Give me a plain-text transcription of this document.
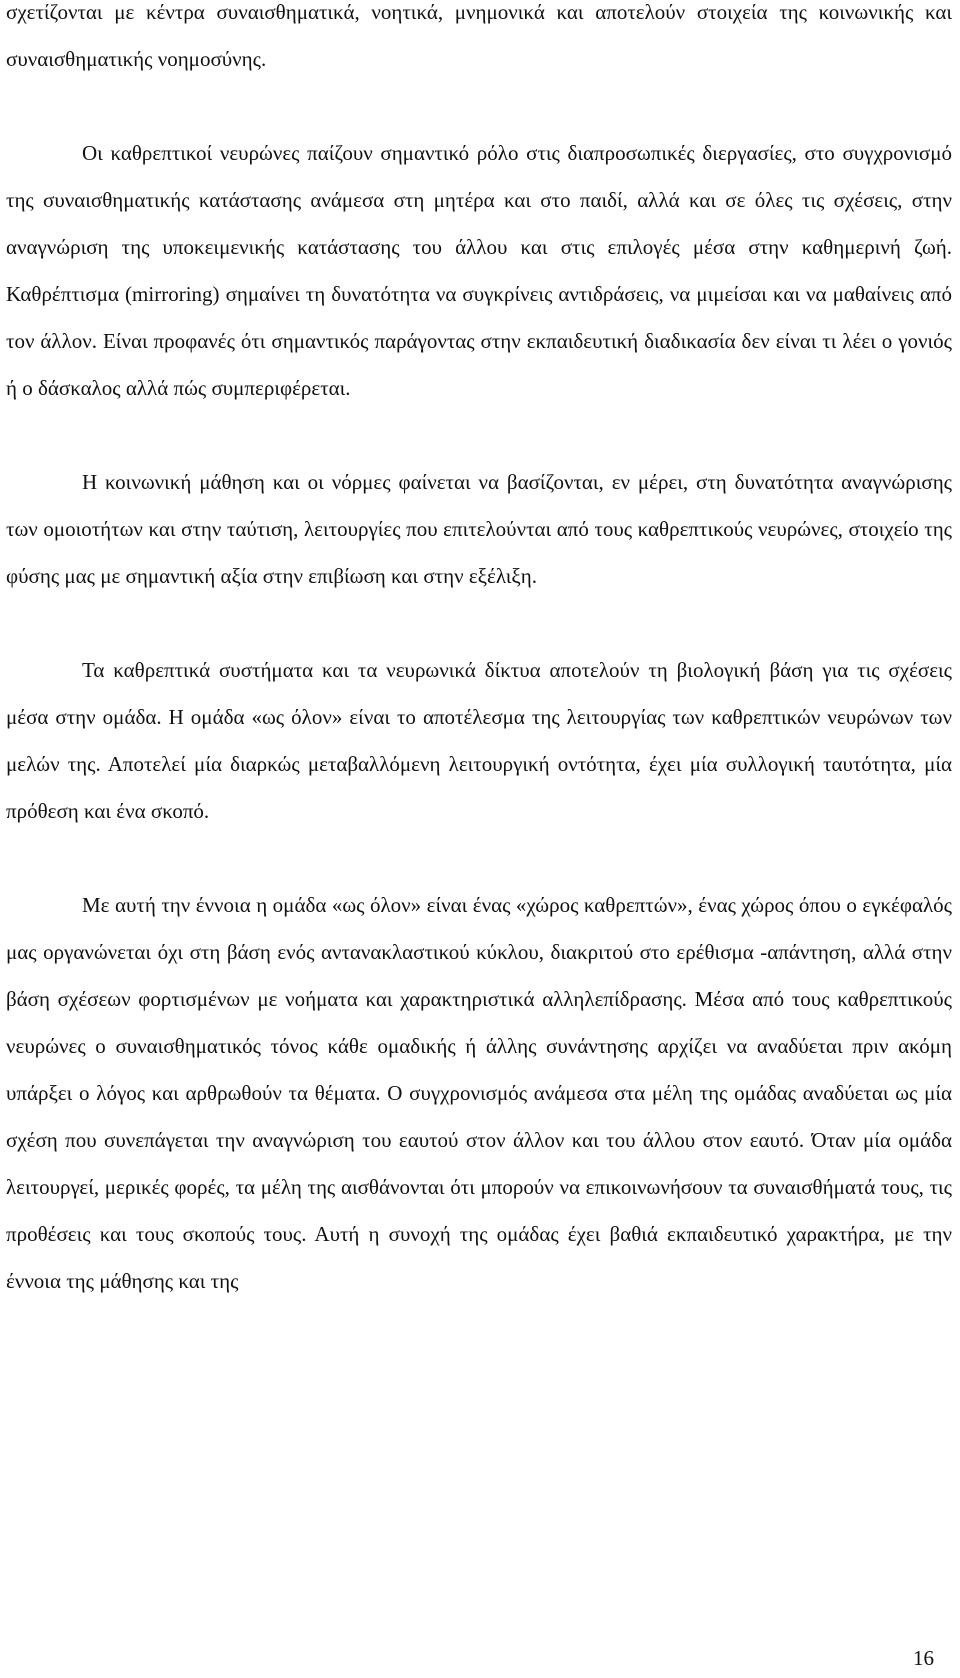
σχετίζονται με κέντρα συναισθηματικά, νοητικά, μνημονικά και αποτελούν στοιχεία της κοινωνικής και συναισθηματικής νοημοσύνης.

Οι καθρεπτικοί νευρώνες παίζουν σημαντικό ρόλο στις διαπροσωπικές διεργασίες, στο συγχρονισμό της συναισθηματικής κατάστασης ανάμεσα στη μητέρα και στο παιδί, αλλά και σε όλες τις σχέσεις, στην αναγνώριση της υποκειμενικής κατάστασης του άλλου και στις επιλογές μέσα στην καθημερινή ζωή. Καθρέπτισμα (mirroring) σημαίνει τη δυνατότητα να συγκρίνεις αντιδράσεις, να μιμείσαι και να μαθαίνεις από τον άλλον. Είναι προφανές ότι σημαντικός παράγοντας στην εκπαιδευτική διαδικασία δεν είναι τι λέει ο γονιός ή ο δάσκαλος αλλά πώς συμπεριφέρεται.

Η κοινωνική μάθηση και οι νόρμες φαίνεται να βασίζονται, εν μέρει, στη δυνατότητα αναγνώρισης των ομοιοτήτων και στην ταύτιση, λειτουργίες που επιτελούνται από τους καθρεπτικούς νευρώνες, στοιχείο της φύσης μας με σημαντική αξία στην επιβίωση και στην εξέλιξη.

Τα καθρεπτικά συστήματα και τα νευρωνικά δίκτυα αποτελούν τη βιολογική βάση για τις σχέσεις μέσα στην ομάδα. Η ομάδα «ως όλον» είναι το αποτέλεσμα της λειτουργίας των καθρεπτικών νευρώνων των μελών της. Αποτελεί μία διαρκώς μεταβαλλόμενη λειτουργική οντότητα, έχει μία συλλογική ταυτότητα, μία πρόθεση και ένα σκοπό.

Με αυτή την έννοια η ομάδα «ως όλον» είναι ένας «χώρος καθρεπτών», ένας χώρος όπου ο εγκέφαλός μας οργανώνεται όχι στη βάση ενός αντανακλαστικού κύκλου, διακριτού στο ερέθισμα -απάντηση, αλλά στην βάση σχέσεων φορτισμένων με νοήματα και χαρακτηριστικά αλληλεπίδρασης. Μέσα από τους καθρεπτικούς νευρώνες ο συναισθηματικός τόνος κάθε ομαδικής ή άλλης συνάντησης αρχίζει να αναδύεται πριν ακόμη υπάρξει ο λόγος και αρθρωθούν τα θέματα. Ο συγχρονισμός ανάμεσα στα μέλη της ομάδας αναδύεται ως μία σχέση που συνεπάγεται την αναγνώριση του εαυτού στον άλλον και του άλλου στον εαυτό. Όταν μία ομάδα λειτουργεί, μερικές φορές, τα μέλη της αισθάνονται ότι μπορούν να επικοινωνήσουν τα συναισθήματά τους, τις προθέσεις και τους σκοπούς τους. Αυτή η συνοχή της ομάδας έχει βαθιά εκπαιδευτικό χαρακτήρα, με την έννοια της μάθησης και της

16
